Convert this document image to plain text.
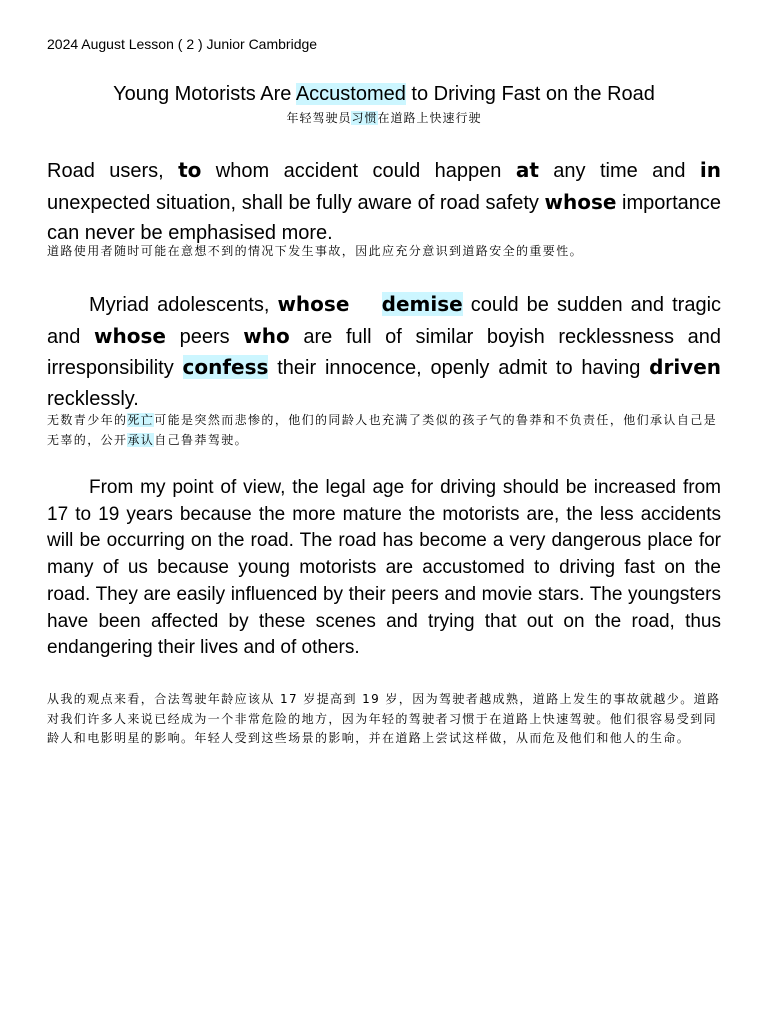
2024 August Lesson ( 2 ) Junior Cambridge
Young Motorists Are Accustomed to Driving Fast on the Road
年轻驾驶员习惯在道路上快速行驶

Road users, to whom accident could happen at any time and in unexpected situation, shall be fully aware of road safety whose importance can never be emphasised more.

道路使用者随时可能在意想不到的情况下发生事故，因此应充分意识到道路安全的重要性。

Myriad adolescents, whose demise could be sudden and tragic and whose peers who are full of similar boyish recklessness and irresponsibility confess their innocence, openly admit to having driven recklessly.

无数青少年的死亡可能是突然而悲惨的，他们的同龄人也充满了类似的孩子气的鲁莽和不负责任，他们承认自己是无辜的，公开承认自己鲁莽驾驶。

From my point of view, the legal age for driving should be increased from 17 to 19 years because the more mature the motorists are, the less accidents will be occurring on the road. The road has become a very dangerous place for many of us because young motorists are accustomed to driving fast on the road. They are easily influenced by their peers and movie stars. The youngsters have been affected by these scenes and trying that out on the road, thus endangering their lives and of others.

从我的观点来看，合法驾驶年龄应该从 17 岁提高到 19 岁，因为驾驶者越成熟，道路上发生的事故就越少。道路对我们许多人来说已经成为一个非常危险的地方，因为年轻的驾驶者习惯于在道路上快速驾驶。他们很容易受到同龄人和电影明星的影响。年轻人受到这些场景的影响，并在道路上尝试这样做，从而危及他们和他人的生命。
